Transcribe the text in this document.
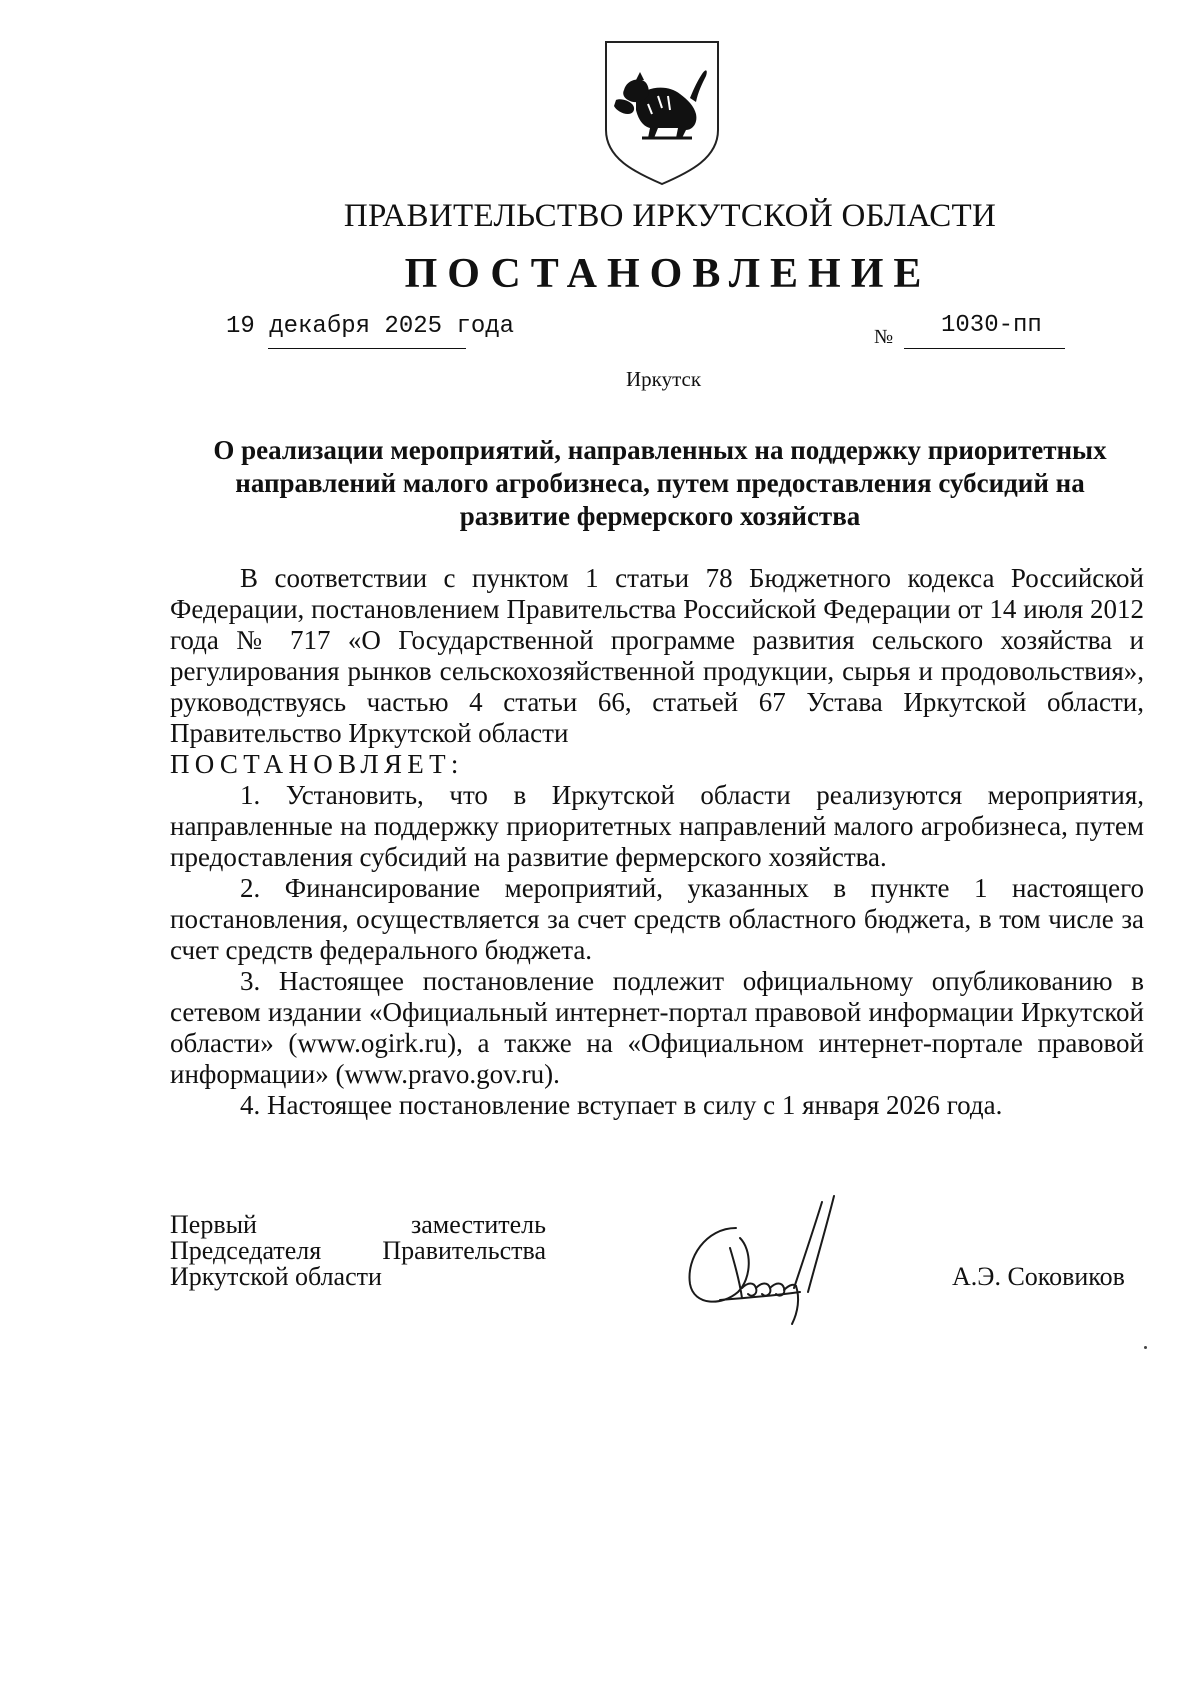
ПРАВИТЕЛЬСТВО ИРКУТСКОЙ ОБЛАСТИ
ПОСТАНОВЛЕНИЕ
19 декабря 2025 года	№ 1030-пп
Иркутск
О реализации мероприятий, направленных на поддержку приоритетных
направлений малого агробизнеса, путем предоставления субсидий на
развитие фермерского хозяйства

В соответствии с пунктом 1 статьи 78 Бюджетного кодекса Российской Федерации, постановлением Правительства Российской Федерации от 14 июля 2012 года № 717 «О Государственной программе развития сельского хозяйства и регулирования рынков сельскохозяйственной продукции, сырья и продовольствия», руководствуясь частью 4 статьи 66, статьей 67 Устава Иркутской области, Правительство Иркутской области

ПОСТАНОВЛЯЕТ:

1. Установить, что в Иркутской области реализуются мероприятия, направленные на поддержку приоритетных направлений малого агробизнеса, путем предоставления субсидий на развитие фермерского хозяйства.

2. Финансирование мероприятий, указанных в пункте 1 настоящего постановления, осуществляется за счет средств областного бюджета, в том числе за счет средств федерального бюджета.

3. Настоящее постановление подлежит официальному опубликованию в сетевом издании «Официальный интернет-портал правовой информации Иркутской области» (www.ogirk.ru), а также на «Официальном интернет-портале правовой информации» (www.pravo.gov.ru).

4. Настоящее постановление вступает в силу с 1 января 2026 года.

Первый заместитель
Председателя Правительства
Иркутской области	А.Э. Соковиков
